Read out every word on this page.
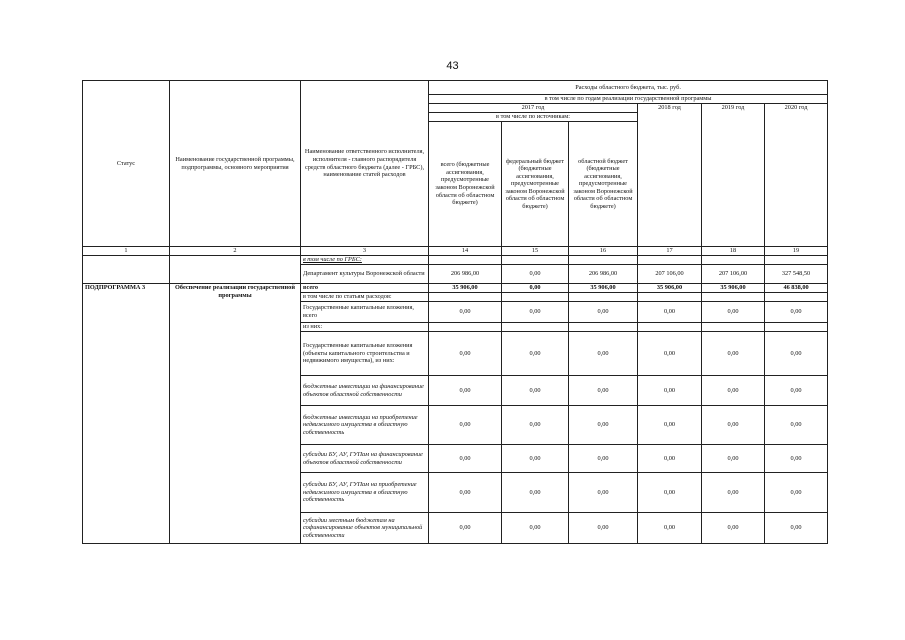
43
Статус	Наименование государственной программы, подпрограммы, основного мероприятия	Наименование ответственного исполнителя, исполнителя - главного распорядителя средств областного бюджета (далее - ГРБС), наименование статей расходов	Расходы областного бюджета, тыс. руб.					
			в том числе по годам реализации государственной программы					
			2017 год			2018 год	2019 год	2020 год
			в том числе по источникам:					
			всего (бюджетные ассигнования, предусмотренные законом Воронежской области об областном бюджете)	федеральный бюджет (бюджетные ассигнования, предусмотренные законом Воронежской области об областном бюджете)	областной бюджет (бюджетные ассигнования, предусмотренные законом Воронежской области об областном бюджете)			
1	2	3	14	15	16	17	18	19
		в том числе по ГРБС:						
		Департамент культуры Воронежской области	206 986,00	0,00	206 986,00	207 106,00	207 106,00	327 548,50
ПОДПРОГРАММА 3	Обеспечение реализации государственной программы	всего	35 906,00	0,00	35 906,00	35 906,00	35 906,00	46 838,00
		в том числе по статьям расходов:						
		Государственные капитальные вложения, всего	0,00	0,00	0,00	0,00	0,00	0,00
		из них:						
		Государственные капитальные вложения (объекты капитального строительства и недвижимого имущества), из них:	0,00	0,00	0,00	0,00	0,00	0,00
		бюджетные инвестиции на финансирование объектов областной собственности	0,00	0,00	0,00	0,00	0,00	0,00
		бюджетные инвестиции на приобретение недвижимого имущества в областную собственность	0,00	0,00	0,00	0,00	0,00	0,00
		субсидии БУ, АУ, ГУПам на финансирование объектов областной собственности	0,00	0,00	0,00	0,00	0,00	0,00
		субсидии БУ, АУ, ГУПам на приобретение недвижимого имущества в областную собственность	0,00	0,00	0,00	0,00	0,00	0,00
		субсидии местным бюджетам на софинансирование объектов муниципальной собственности	0,00	0,00	0,00	0,00	0,00	0,00
